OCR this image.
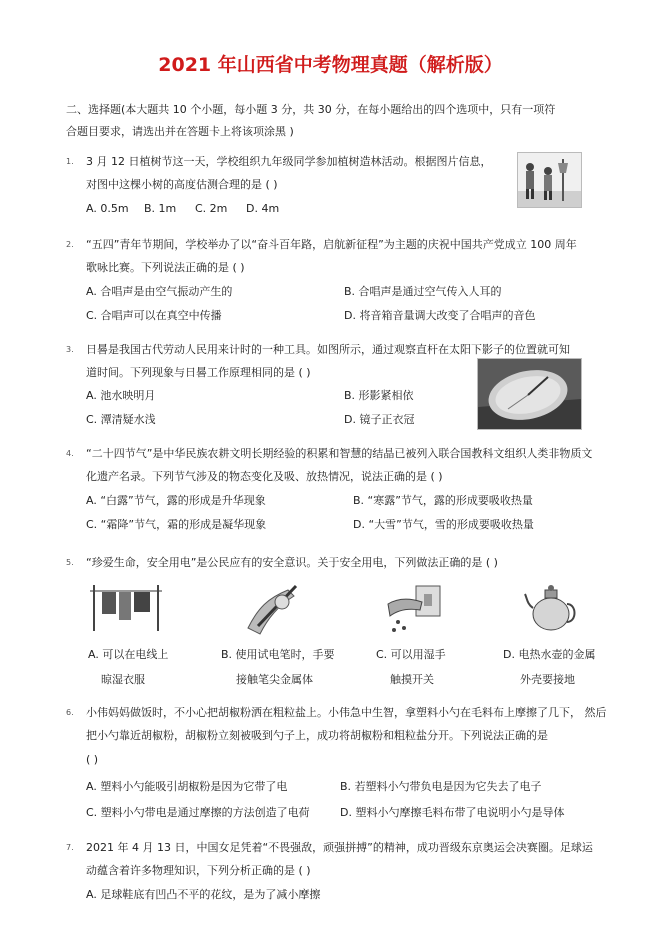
2021 年山西省中考物理真题（解析版）
二、选择题(本大题共 10 个小题，每小题 3 分，共 30 分，在每小题给出的四个选项中，只有一项符
合题目要求，请选出并在答题卡上将该项涂黑 )
1. 3 月 12 日植树节这一天，学校组织九年级同学参加植树造林活动。根据图片信息，
对图中这棵小树的高度估测合理的是 ( )
A. 0.5m B. 1m C. 2m D. 4m
2. “五四”青年节期间，学校举办了以“奋斗百年路，启航新征程”为主题的庆祝中国共产党成立 100 周年
歌咏比赛。下列说法正确的是 ( )
A. 合唱声是由空气振动产生的	B. 合唱声是通过空气传入人耳的
C. 合唱声可以在真空中传播	D. 将音箱音量调大改变了合唱声的音色
3. 日晷是我国古代劳动人民用来计时的一种工具。如图所示，通过观察直杆在太阳下影子的位置就可知
道时间。下列现象与日晷工作原理相同的是 ( )
A. 池水映明月	B. 形影紧相依
C. 潭清疑水浅	D. 镜子正衣冠
4. “二十四节气”是中华民族农耕文明长期经验的积累和智慧的结晶已被列入联合国教科文组织人类非物质文
化遗产名录。下列节气涉及的物态变化及吸、放热情况，说法正确的是 ( )
A. “白露”节气，露的形成是升华现象	B. “寒露”节气，露的形成要吸收热量
C. “霜降”节气，霜的形成是凝华现象	D. “大雪”节气，雪的形成要吸收热量
5. “珍爱生命，安全用电”是公民应有的安全意识。关于安全用电，下列做法正确的是 ( )
A. 可以在电线上
晾湿衣服
B. 使用试电笔时，手要
接触笔尖金属体
C. 可以用湿手
触摸开关
D. 电热水壶的金属
外壳要接地
6. 小伟妈妈做饭时，不小心把胡椒粉洒在粗粒盐上。小伟急中生智，拿塑料小勺在毛料布上摩擦了几下， 然后
把小勺靠近胡椒粉，胡椒粉立刻被吸到勺子上，成功将胡椒粉和粗粒盐分开。下列说法正确的是
( )
A. 塑料小勺能吸引胡椒粉是因为它带了电	B. 若塑料小勺带负电是因为它失去了电子
C. 塑料小勺带电是通过摩擦的方法创造了电荷	D. 塑料小勺摩擦毛料布带了电说明小勺是导体
7. 2021 年 4 月 13 日，中国女足凭着“不畏强敌，顽强拼搏”的精神，成功晋级东京奥运会决赛圈。足球运
动蕴含着许多物理知识，下列分析正确的是 ( )
A. 足球鞋底有凹凸不平的花纹，是为了减小摩擦
